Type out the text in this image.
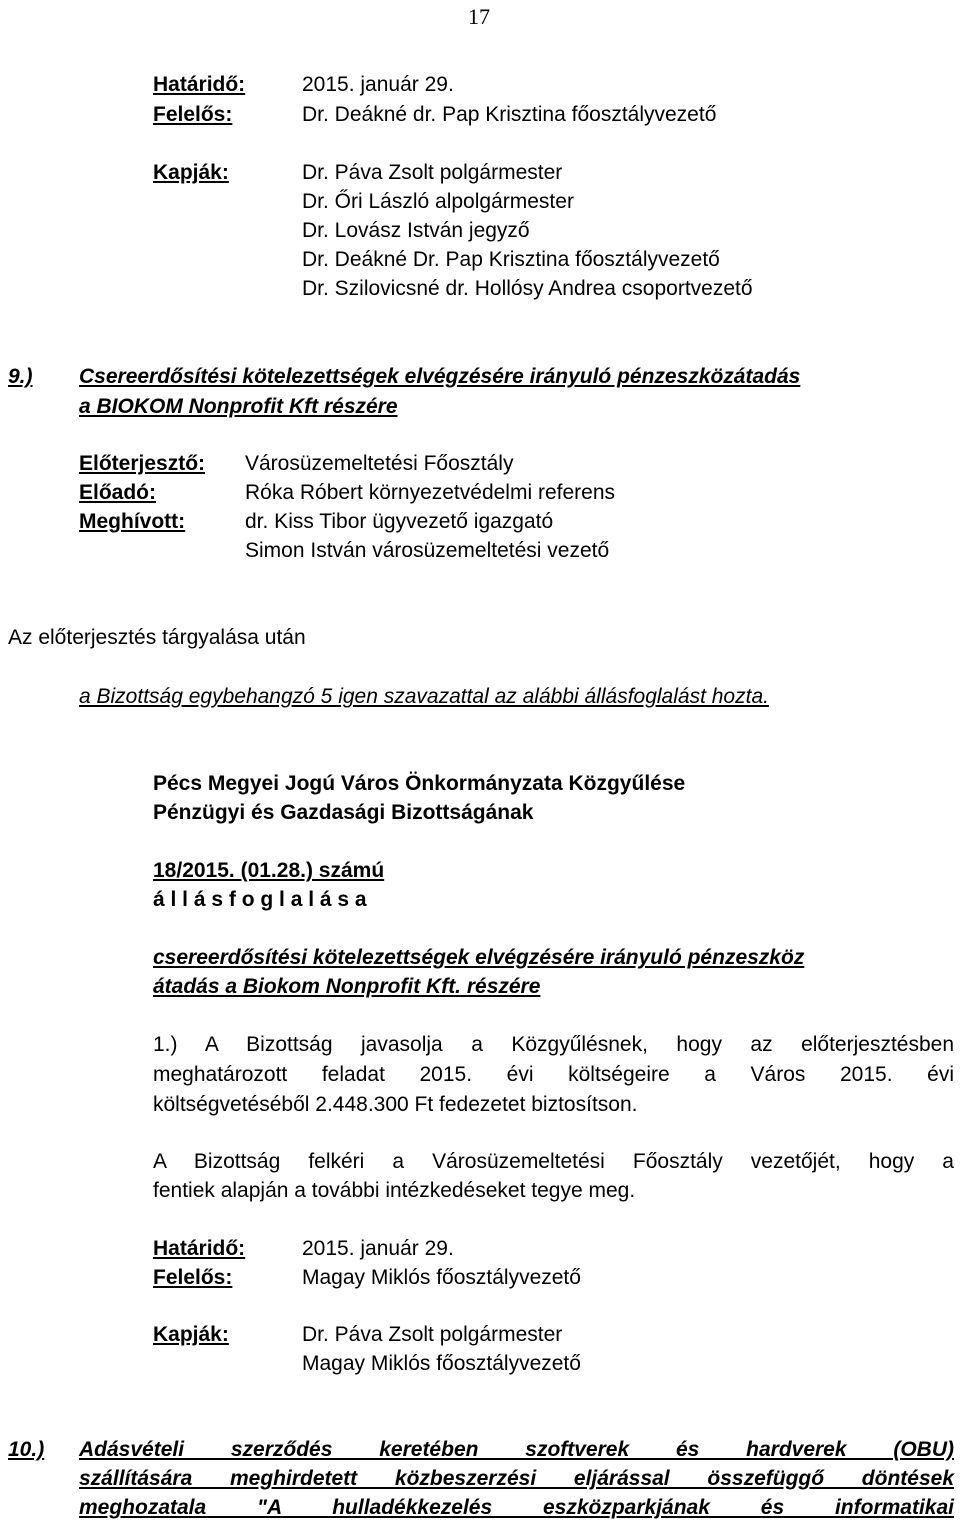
17
Határidő:	2015. január 29.
Felelős:	Dr. Deákné dr. Pap Krisztina főosztályvezető
Kapják:	Dr. Páva Zsolt polgármester
Dr. Őri László alpolgármester
Dr. Lovász István jegyző
Dr. Deákné Dr. Pap Krisztina főosztályvezető
Dr. Szilovicsné dr. Hollósy Andrea csoportvezető
9.) Csereerdősítési kötelezettségek elvégzésére irányuló pénzeszközátadás
a BIOKOM Nonprofit Kft részére
Előterjesztő: Városüzemeltetési Főosztály
Előadó:	Róka Róbert környezetvédelmi referens
Meghívott:	dr. Kiss Tibor ügyvezető igazgató
Simon István városüzemeltetési vezető
Az előterjesztés tárgyalása után
a Bizottság egybehangzó 5 igen szavazattal az alábbi állásfoglalást hozta.
Pécs Megyei Jogú Város Önkormányzata Közgyűlése
Pénzügyi és Gazdasági Bizottságának
18/2015. (01.28.) számú
á l l á s f o g l a l á s a
csereerdősítési kötelezettségek elvégzésére irányuló pénzeszköz
átadás a Biokom Nonprofit Kft. részére
1.) A Bizottság javasolja a Közgyűlésnek, hogy az előterjesztésben
meghatározott feladat 2015. évi költségeire a Város 2015. évi
költségvetéséből 2.448.300 Ft fedezetet biztosítson.
A Bizottság felkéri a Városüzemeltetési Főosztály vezetőjét, hogy a
fentiek alapján a további intézkedéseket tegye meg.
Határidő:	2015. január 29.
Felelős:	Magay Miklós főosztályvezető
Kapják:	Dr. Páva Zsolt polgármester
Magay Miklós főosztályvezető
10.) Adásvételi szerződés keretében szoftverek és hardverek (OBU)
szállítására meghirdetett közbeszerzési eljárással összefüggő döntések
meghozatala "A hulladékkezelés eszközparkjának és informatikai
